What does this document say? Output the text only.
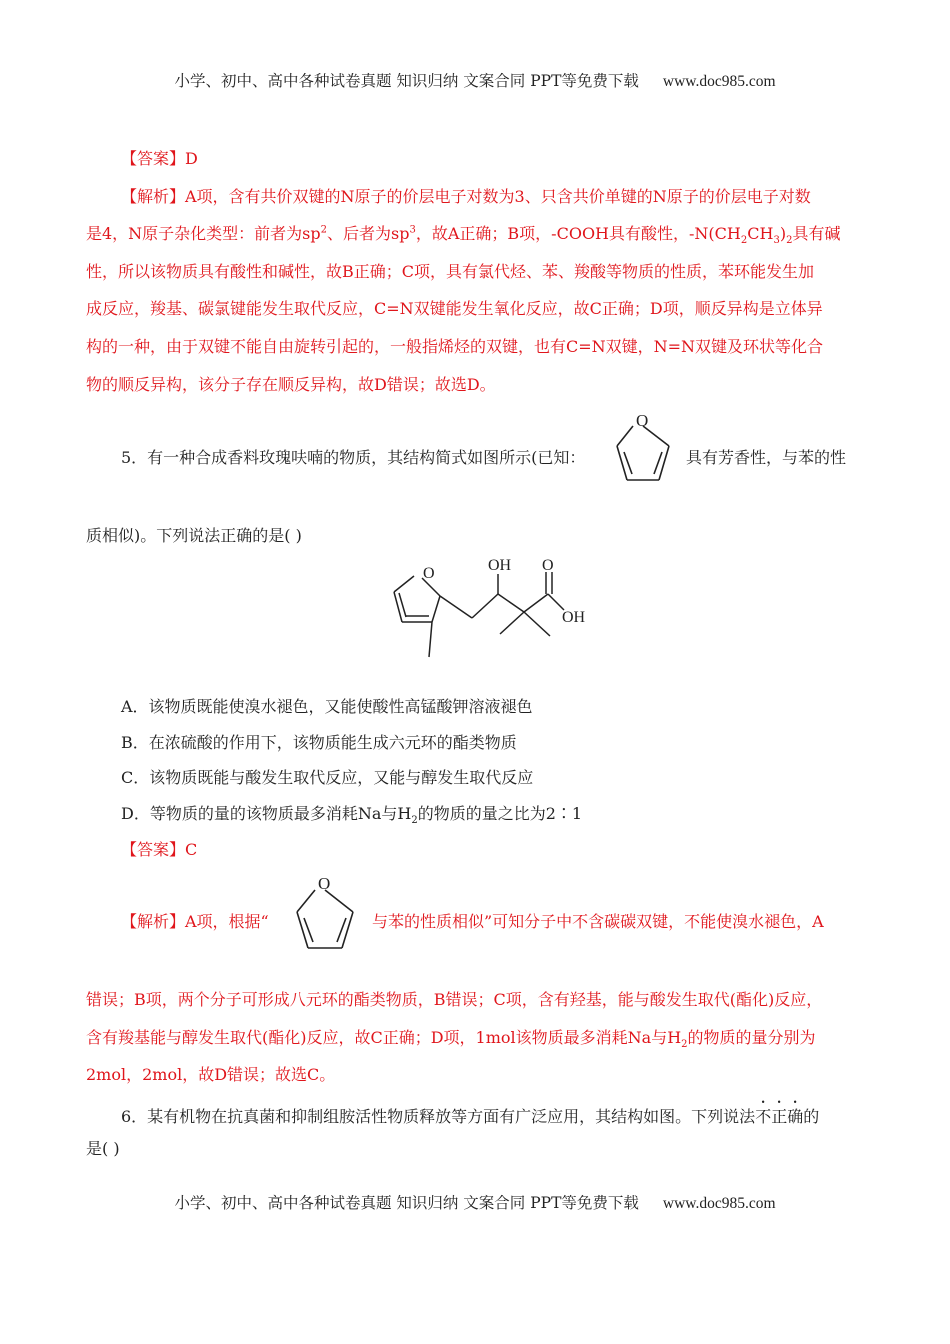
小学、初中、高中各种试卷真题 知识归纳 文案合同 PPT等免费下载 www.doc985.com
【答案】D
【解析】A项，含有共价双键的N原子的价层电子对数为3、只含共价单键的N原子的价层电子对数
是4，N原子杂化类型：前者为$sp^2$、后者为$sp^3$，故A正确；B项，-COOH具有酸性，$-N(CH_2CH_3)_2$具有碱
性，所以该物质具有酸性和碱性，故B正确；C项，具有氯代烃、苯、羧酸等物质的性质，苯环能发生加
成反应，羧基、碳氯键能发生取代反应，C=N双键能发生氧化反应，故C正确；D项，顺反异构是立体异
构的一种，由于双键不能自由旋转引起的，一般指烯烃的双键，也有C=N双键，N=N双键及环状等化合
物的顺反异构，该分子存在顺反异构，故D错误；故选D。
5．有一种合成香料玫瑰呋喃的物质，其结构简式如图所示(已知：
O
具有芳香性，与苯的性
质相似)。下列说法正确的是( )
O	OH O
OH
A．该物质既能使溴水褪色，又能使酸性高锰酸钾溶液褪色
B．在浓硫酸的作用下，该物质能生成六元环的酯类物质
C．该物质既能与酸发生取代反应，又能与醇发生取代反应
D．等物质的量的该物质最多消耗Na与$H_2$的物质的量之比为2∶1
【答案】C
【解析】A项，根据“
O
与苯的性质相似”可知分子中不含碳碳双键，不能使溴水褪色，A
错误；B项，两个分子可形成八元环的酯类物质，B错误；C项，含有羟基，能与酸发生取代(酯化)反应，
含有羧基能与醇发生取代(酯化)反应，故C正确；D项，1mol该物质最多消耗Na与$H_2$的物质的量分别为
2mol，2mol，故D错误；故选C。
6．某有机物在抗真菌和抑制组胺活性物质释放等方面有广泛应用，其结构如图。下列说法不正确的
是( )
小学、初中、高中各种试卷真题 知识归纳 文案合同 PPT等免费下载 www.doc985.com
